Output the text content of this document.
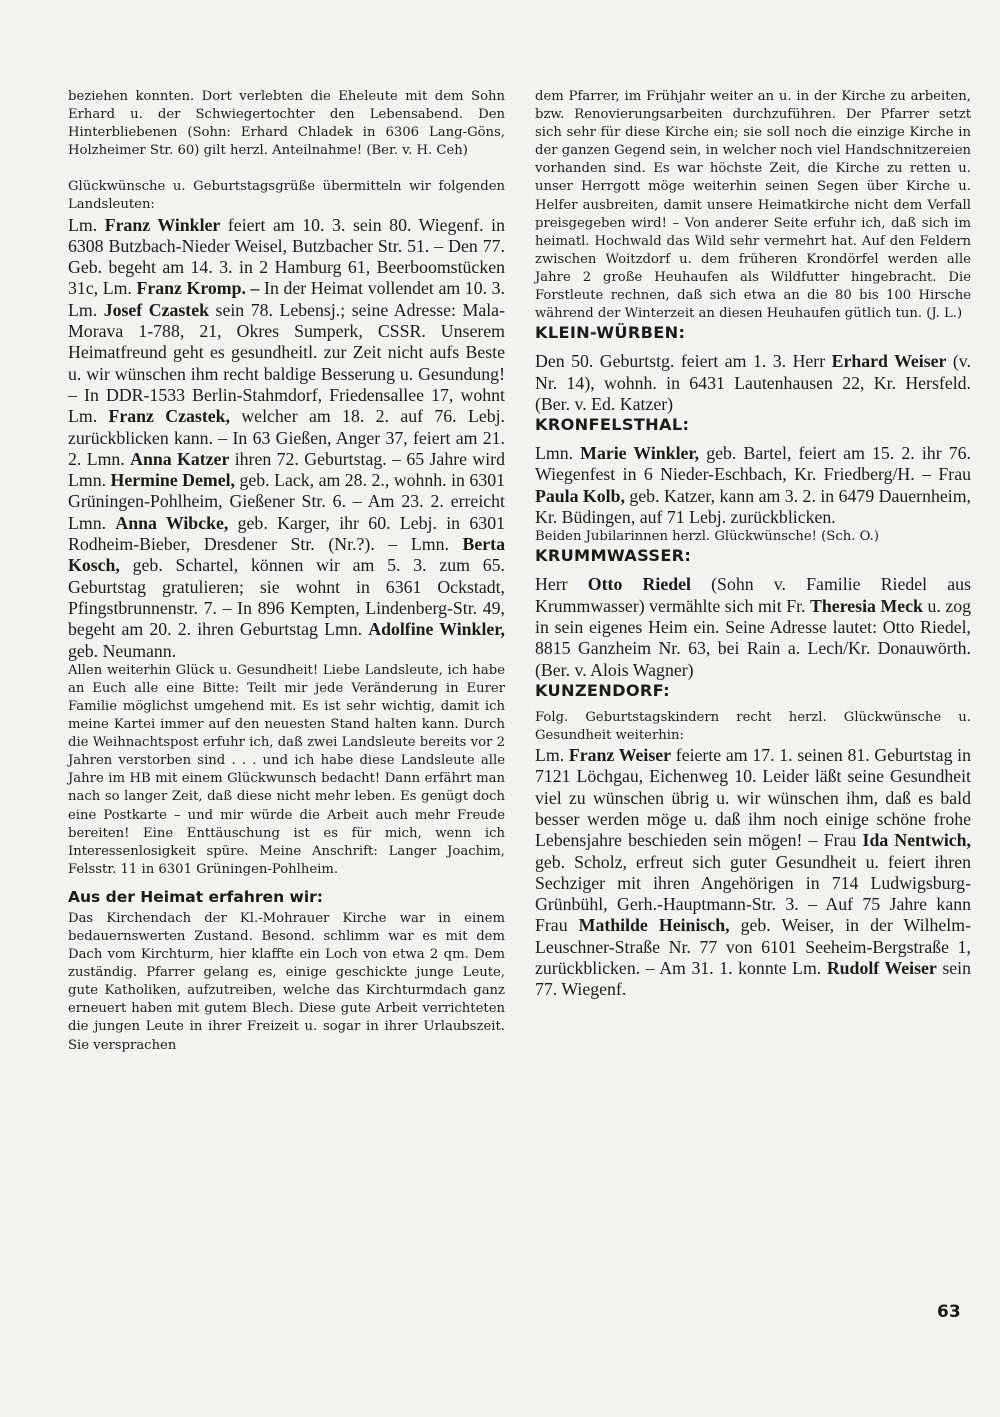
beziehen konnten. Dort verlebten die Eheleute mit dem Sohn Erhard u. der Schwiegertochter den Lebensabend. Den Hinterbliebenen (Sohn: Erhard Chladek in 6306 Lang-Göns, Holzheimer Str. 60) gilt herzl. Anteilnahme! (Ber. v. H. Ceh)

Glückwünsche u. Geburtstagsgrüße übermitteln wir folgenden Landsleuten:

Lm. Franz Winkler feiert am 10. 3. sein 80. Wiegenf. in 6308 Butzbach-Nieder Weisel, Butzbacher Str. 51. – Den 77. Geb. begeht am 14. 3. in 2 Hamburg 61, Beerboomstücken 31c, Lm. Franz Kromp. – In der Heimat vollendet am 10. 3. Lm. Josef Czastek sein 78. Lebensj.; seine Adresse: Mala-Morava 1-788, 21, Okres Sumperk, CSSR. Unserem Heimatfreund geht es gesundheitl. zur Zeit nicht aufs Beste u. wir wünschen ihm recht baldige Besserung u. Gesundung! – In DDR-1533 Berlin-Stahmdorf, Friedensallee 17, wohnt Lm. Franz Czastek, welcher am 18. 2. auf 76. Lebj. zurückblicken kann. – In 63 Gießen, Anger 37, feiert am 21. 2. Lmn. Anna Katzer ihren 72. Geburtstag. – 65 Jahre wird Lmn. Hermine Demel, geb. Lack, am 28. 2., wohnh. in 6301 Grüningen-Pohlheim, Gießener Str. 6. – Am 23. 2. erreicht Lmn. Anna Wibcke, geb. Karger, ihr 60. Lebj. in 6301 Rodheim-Bieber, Dresdener Str. (Nr.?). – Lmn. Berta Kosch, geb. Schartel, können wir am 5. 3. zum 65. Geburtstag gratulieren; sie wohnt in 6361 Ockstadt, Pfingstbrunnenstr. 7. – In 896 Kempten, Lindenberg-Str. 49, begeht am 20. 2. ihren Geburtstag Lmn. Adolfine Winkler, geb. Neumann.

Allen weiterhin Glück u. Gesundheit! Liebe Landsleute, ich habe an Euch alle eine Bitte: Teilt mir jede Veränderung in Eurer Familie möglichst umgehend mit. Es ist sehr wichtig, damit ich meine Kartei immer auf den neuesten Stand halten kann. Durch die Weihnachtspost erfuhr ich, daß zwei Landsleute bereits vor 2 Jahren verstorben sind . . . und ich habe diese Landsleute alle Jahre im HB mit einem Glückwunsch bedacht! Dann erfährt man nach so langer Zeit, daß diese nicht mehr leben. Es genügt doch eine Postkarte – und mir würde die Arbeit auch mehr Freude bereiten! Eine Enttäuschung ist es für mich, wenn ich Interessenlosigkeit spüre. Meine Anschrift: Langer Joachim, Felsstr. 11 in 6301 Grüningen-Pohlheim.

Aus der Heimat erfahren wir:

Das Kirchendach der Kl.-Mohrauer Kirche war in einem bedauernswerten Zustand. Besond. schlimm war es mit dem Dach vom Kirchturm, hier klaffte ein Loch von etwa 2 qm. Dem zuständig. Pfarrer gelang es, einige geschickte junge Leute, gute Katholiken, aufzutreiben, welche das Kirchturmdach ganz erneuert haben mit gutem Blech. Diese gute Arbeit verrichteten die jungen Leute in ihrer Freizeit u. sogar in ihrer Urlaubszeit. Sie versprachen

dem Pfarrer, im Frühjahr weiter an u. in der Kirche zu arbeiten, bzw. Renovierungsarbeiten durchzuführen. Der Pfarrer setzt sich sehr für diese Kirche ein; sie soll noch die einzige Kirche in der ganzen Gegend sein, in welcher noch viel Handschnitzereien vorhanden sind. Es war höchste Zeit, die Kirche zu retten u. unser Herrgott möge weiterhin seinen Segen über Kirche u. Helfer ausbreiten, damit unsere Heimatkirche nicht dem Verfall preisgegeben wird! – Von anderer Seite erfuhr ich, daß sich im heimatl. Hochwald das Wild sehr vermehrt hat. Auf den Feldern zwischen Woitzdorf u. dem früheren Krondörfel werden alle Jahre 2 große Heuhaufen als Wildfutter hingebracht. Die Forstleute rechnen, daß sich etwa an die 80 bis 100 Hirsche während der Winterzeit an diesen Heuhaufen gütlich tun. (J. L.)

KLEIN-WÜRBEN:

Den 50. Geburtstg. feiert am 1. 3. Herr Erhard Weiser (v. Nr. 14), wohnh. in 6431 Lautenhausen 22, Kr. Hersfeld. (Ber. v. Ed. Katzer)

KRONFELSTHAL:

Lmn. Marie Winkler, geb. Bartel, feiert am 15. 2. ihr 76. Wiegenfest in 6 Nieder-Eschbach, Kr. Friedberg/H. – Frau Paula Kolb, geb. Katzer, kann am 3. 2. in 6479 Dauernheim, Kr. Büdingen, auf 71 Lebj. zurückblicken.

Beiden Jubilarinnen herzl. Glückwünsche! (Sch. O.)

KRUMMWASSER:

Herr Otto Riedel (Sohn v. Familie Riedel aus Krummwasser) vermählte sich mit Fr. Theresia Meck u. zog in sein eigenes Heim ein. Seine Adresse lautet: Otto Riedel, 8815 Ganzheim Nr. 63, bei Rain a. Lech/Kr. Donauwörth. (Ber. v. Alois Wagner)

KUNZENDORF:

Folg. Geburtstagskindern recht herzl. Glückwünsche u. Gesundheit weiterhin:

Lm. Franz Weiser feierte am 17. 1. seinen 81. Geburtstag in 7121 Löchgau, Eichenweg 10. Leider läßt seine Gesundheit viel zu wünschen übrig u. wir wünschen ihm, daß es bald besser werden möge u. daß ihm noch einige schöne frohe Lebensjahre beschieden sein mögen! – Frau Ida Nentwich, geb. Scholz, erfreut sich guter Gesundheit u. feiert ihren Sechziger mit ihren Angehörigen in 714 Ludwigsburg-Grünbühl, Gerh.-Hauptmann-Str. 3. – Auf 75 Jahre kann Frau Mathilde Heinisch, geb. Weiser, in der Wilhelm-Leuschner-Straße Nr. 77 von 6101 Seeheim-Bergstraße 1, zurückblicken. – Am 31. 1. konnte Lm. Rudolf Weiser sein 77. Wiegenf.

63
